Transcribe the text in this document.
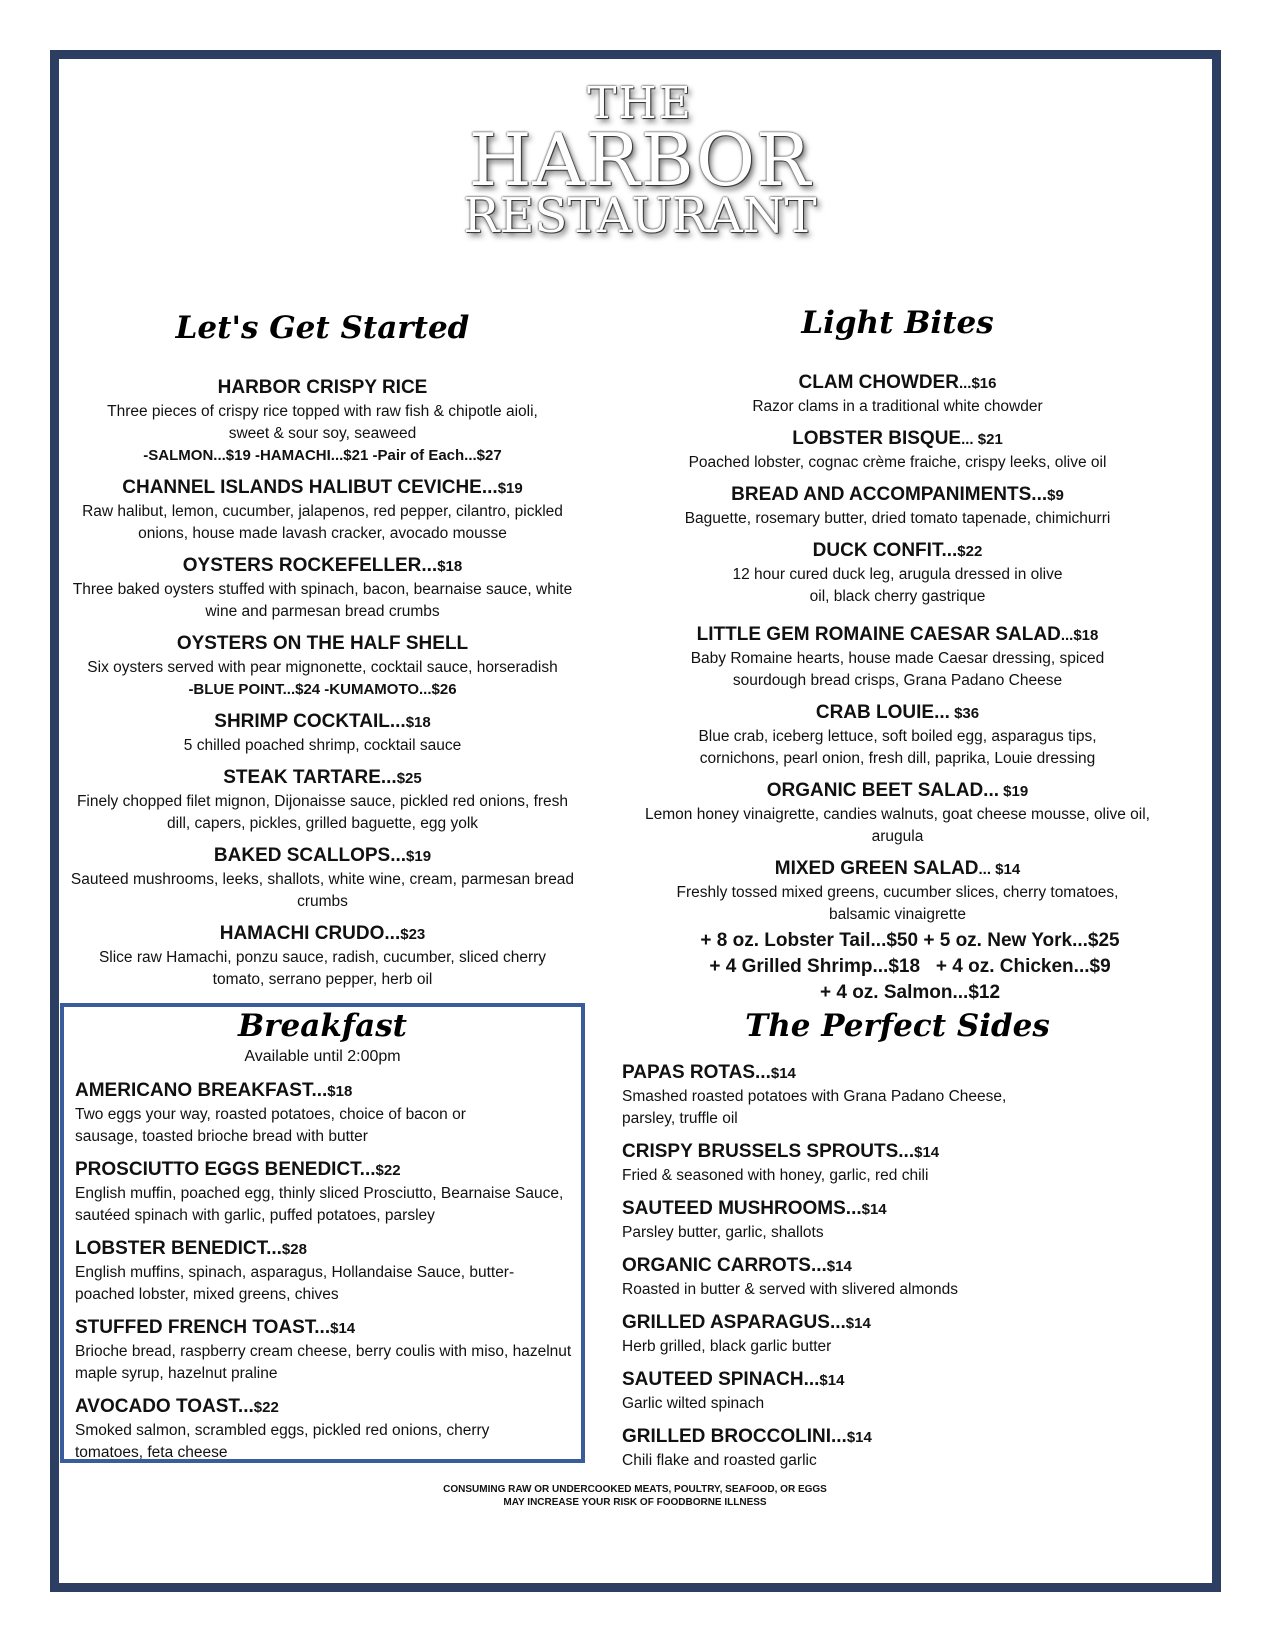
THE
HARBOR
RESTAURANT
Let's Get Started
HARBOR CRISPY RICE
Three pieces of crispy rice topped with raw fish & chipotle aioli, sweet & sour soy, seaweed
-SALMON...$19 -HAMACHI...$21 -Pair of Each...$27
CHANNEL ISLANDS HALIBUT CEVICHE...$19
Raw halibut, lemon, cucumber, jalapenos, red pepper, cilantro, pickled onions, house made lavash cracker, avocado mousse
OYSTERS ROCKEFELLER...$18
Three baked oysters stuffed with spinach, bacon, bearnaise sauce, white wine and parmesan bread crumbs
OYSTERS ON THE HALF SHELL
Six oysters served with pear mignonette, cocktail sauce, horseradish
-BLUE POINT...$24 -KUMAMOTO...$26
SHRIMP COCKTAIL...$18
5 chilled poached shrimp, cocktail sauce
STEAK TARTARE...$25
Finely chopped filet mignon, Dijonaisse sauce, pickled red onions, fresh dill, capers, pickles, grilled baguette, egg yolk
BAKED SCALLOPS...$19
Sauteed mushrooms, leeks, shallots, white wine, cream, parmesan bread crumbs
HAMACHI CRUDO...$23
Slice raw Hamachi, ponzu sauce, radish, cucumber, sliced cherry tomato, serrano pepper, herb oil
Light Bites
CLAM CHOWDER...$16
Razor clams in a traditional white chowder
LOBSTER BISQUE... $21
Poached lobster, cognac crème fraiche, crispy leeks, olive oil
BREAD AND ACCOMPANIMENTS...$9
Baguette, rosemary butter, dried tomato tapenade, chimichurri
DUCK CONFIT...$22
12 hour cured duck leg, arugula dressed in olive oil, black cherry gastrique
LITTLE GEM ROMAINE CAESAR SALAD...$18
Baby Romaine hearts, house made Caesar dressing, spiced sourdough bread crisps, Grana Padano Cheese
CRAB LOUIE... $36
Blue crab, iceberg lettuce, soft boiled egg, asparagus tips, cornichons, pearl onion, fresh dill, paprika, Louie dressing
ORGANIC BEET SALAD... $19
Lemon honey vinaigrette, candies walnuts, goat cheese mousse, olive oil, arugula
MIXED GREEN SALAD... $14
Freshly tossed mixed greens, cucumber slices, cherry tomatoes, balsamic vinaigrette
+ 8 oz. Lobster Tail...$50 + 5 oz. New York...$25
+ 4 Grilled Shrimp...$18   + 4 oz. Chicken...$9
+ 4 oz. Salmon...$12
Breakfast
Available until 2:00pm
AMERICANO BREAKFAST...$18
Two eggs your way, roasted potatoes, choice of bacon or sausage, toasted brioche bread with butter
PROSCIUTTO EGGS BENEDICT...$22
English muffin, poached egg, thinly sliced Prosciutto, Bearnaise Sauce, sautéed spinach with garlic, puffed potatoes, parsley
LOBSTER BENEDICT...$28
English muffins, spinach, asparagus, Hollandaise Sauce, butter-poached lobster, mixed greens, chives
STUFFED FRENCH TOAST...$14
Brioche bread, raspberry cream cheese, berry coulis with miso, hazelnut maple syrup, hazelnut praline
AVOCADO TOAST...$22
Smoked salmon, scrambled eggs, pickled red onions, cherry tomatoes, feta cheese
The Perfect Sides
PAPAS ROTAS...$14
Smashed roasted potatoes with Grana Padano Cheese, parsley, truffle oil
CRISPY BRUSSELS SPROUTS...$14
Fried & seasoned with honey, garlic, red chili
SAUTEED MUSHROOMS...$14
Parsley butter, garlic, shallots
ORGANIC CARROTS...$14
Roasted in butter & served with slivered almonds
GRILLED ASPARAGUS...$14
Herb grilled, black garlic butter
SAUTEED SPINACH...$14
Garlic wilted spinach
GRILLED BROCCOLINI...$14
Chili flake and roasted garlic
CONSUMING RAW OR UNDERCOOKED MEATS, POULTRY, SEAFOOD, OR EGGS
MAY INCREASE YOUR RISK OF FOODBORNE ILLNESS
